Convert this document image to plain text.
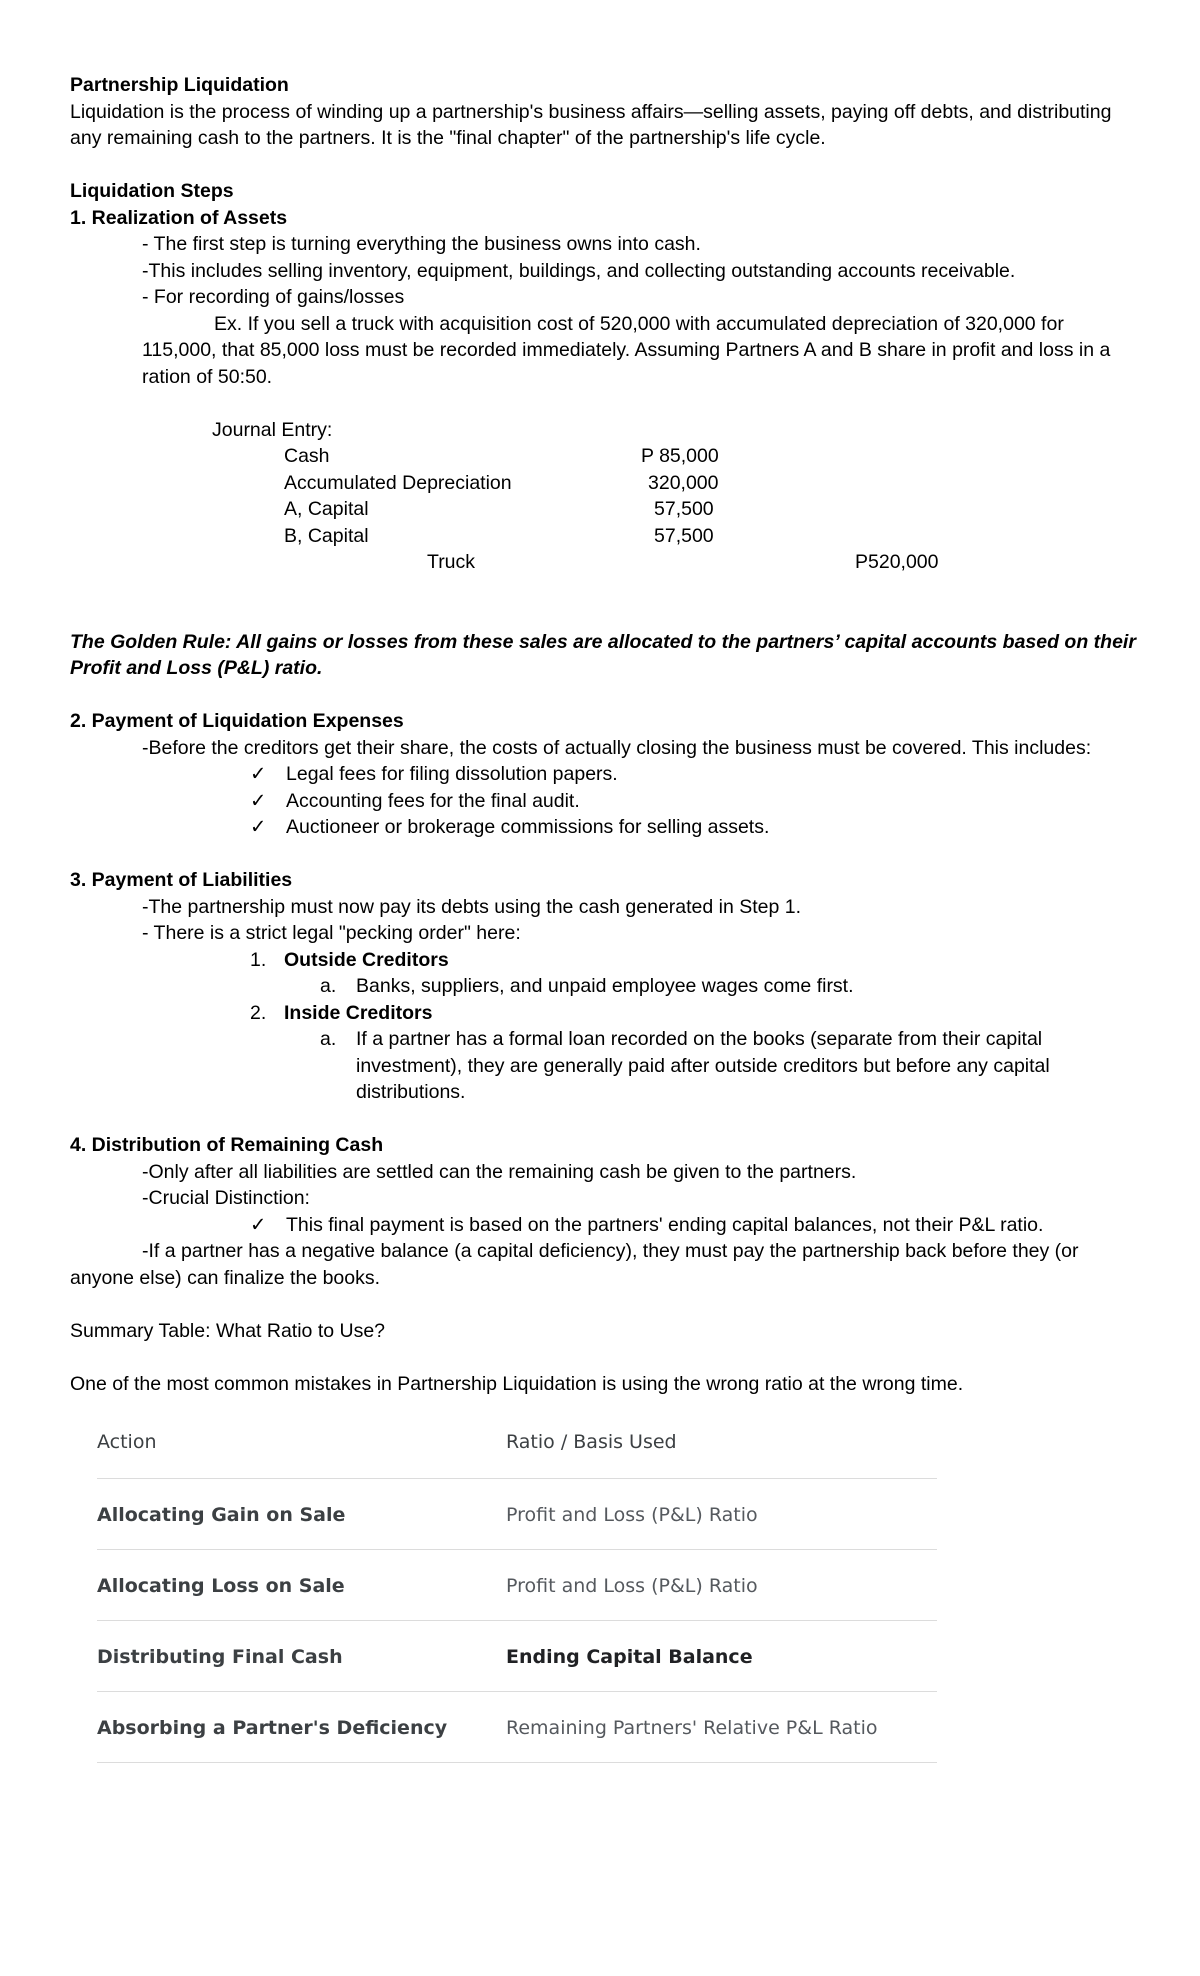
Partnership Liquidation

Liquidation is the process of winding up a partnership's business affairs—selling assets, paying off debts, and distributing any remaining cash to the partners. It is the "final chapter" of the partnership's life cycle.

Liquidation Steps

1. Realization of Assets

- The first step is turning everything the business owns into cash.

-This includes selling inventory, equipment, buildings, and collecting outstanding accounts receivable.

- For recording of gains/losses

Ex. If you sell a truck with acquisition cost of 520,000 with accumulated depreciation of 320,000 for 115,000, that 85,000 loss must be recorded immediately. Assuming Partners A and B share in profit and loss in a ration of 50:50.

Journal Entry:
Cash	P 85,000
Accumulated Depreciation	320,000
A, Capital	57,500
B, Capital	57,500
Truck	P520,000

The Golden Rule: All gains or losses from these sales are allocated to the partners’ capital accounts based on their Profit and Loss (P&L) ratio.

2. Payment of Liquidation Expenses

-Before the creditors get their share, the costs of actually closing the business must be covered. This includes:

✓	Legal fees for filing dissolution papers.

✓	Accounting fees for the final audit.

✓	Auctioneer or brokerage commissions for selling assets.

3. Payment of Liabilities

-The partnership must now pay its debts using the cash generated in Step 1.

- There is a strict legal "pecking order" here:

1. Outside Creditors

a. Banks, suppliers, and unpaid employee wages come first.

2. Inside Creditors

a. If a partner has a formal loan recorded on the books (separate from their capital investment), they are generally paid after outside creditors but before any capital distributions.

4. Distribution of Remaining Cash

-Only after all liabilities are settled can the remaining cash be given to the partners.

-Crucial Distinction:

✓	This final payment is based on the partners' ending capital balances, not their P&L ratio.

-If a partner has a negative balance (a capital deficiency), they must pay the partnership back before they (or anyone else) can finalize the books.

Summary Table: What Ratio to Use?

One of the most common mistakes in Partnership Liquidation is using the wrong ratio at the wrong time.

Action	Ratio / Basis Used
Allocating Gain on Sale	Profit and Loss (P&L) Ratio
Allocating Loss on Sale	Profit and Loss (P&L) Ratio
Distributing Final Cash	Ending Capital Balance
Absorbing a Partner's Deficiency	Remaining Partners' Relative P&L Ratio
